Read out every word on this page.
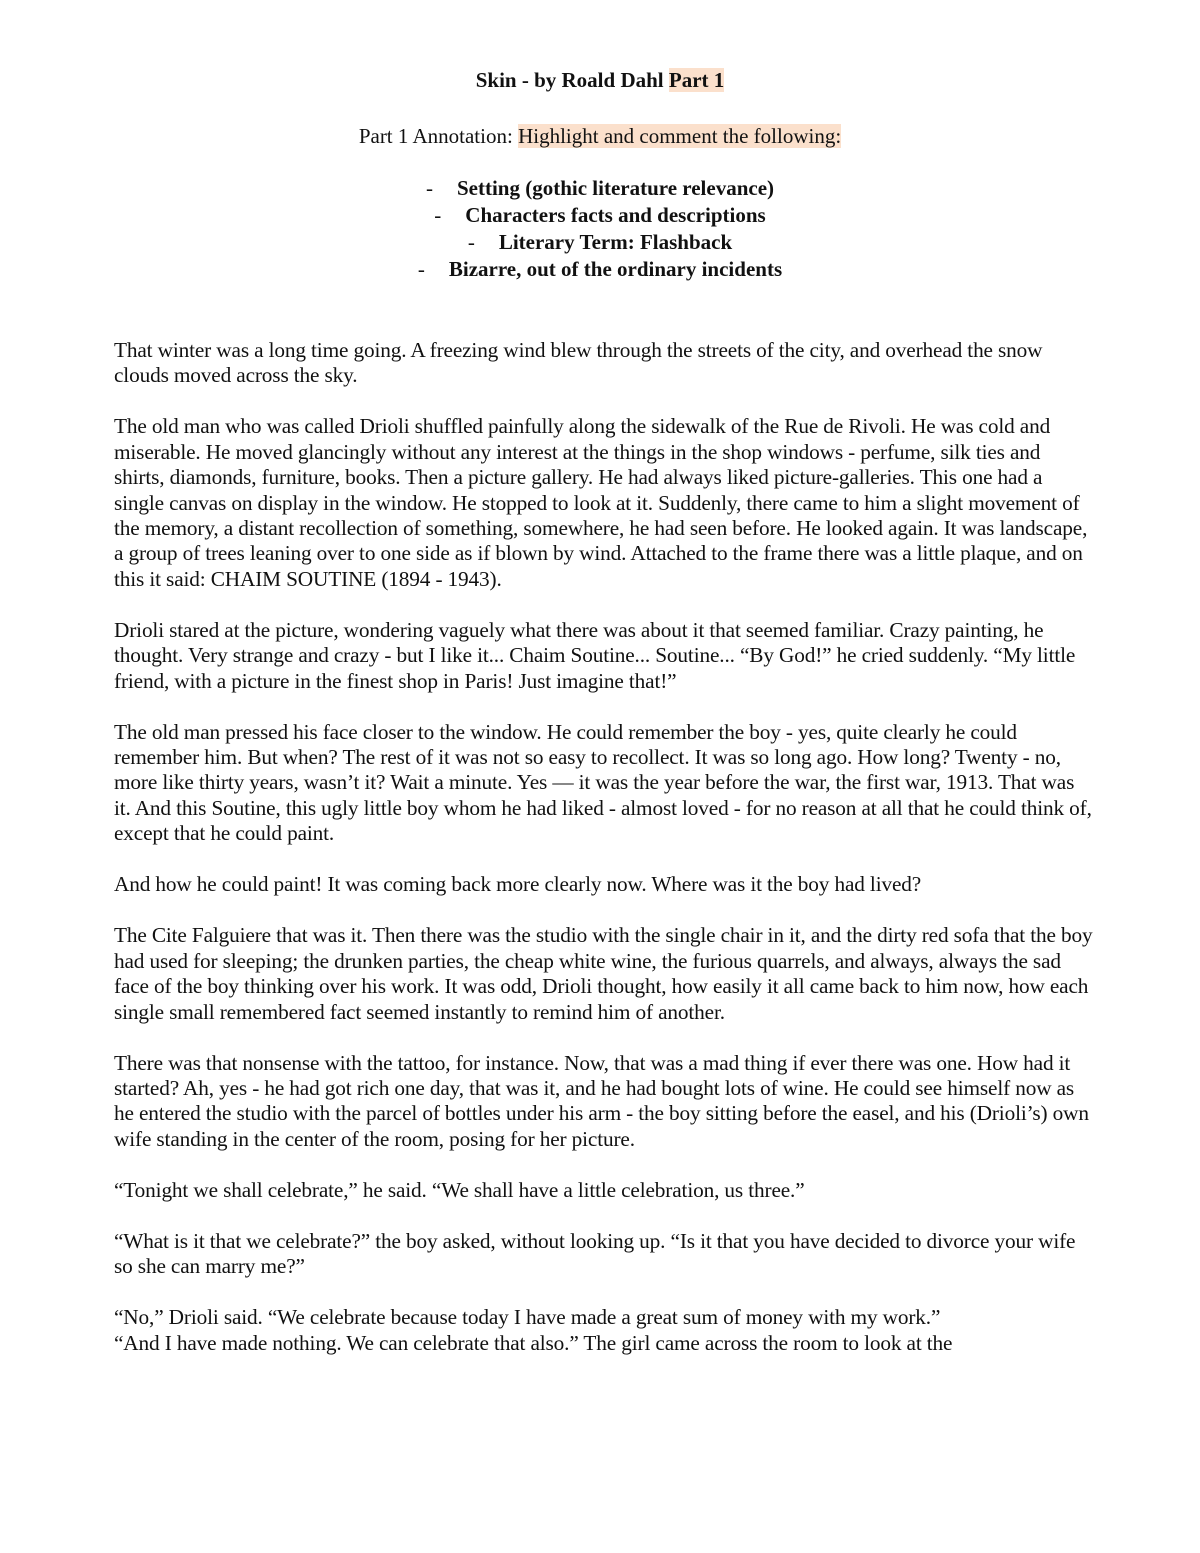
Skin - by Roald Dahl Part 1
Part 1 Annotation: Highlight and comment the following:
- Setting (gothic literature relevance)
- Characters facts and descriptions
- Literary Term: Flashback
- Bizarre, out of the ordinary incidents

That winter was a long time going. A freezing wind blew through the streets of the city, and overhead the snow clouds moved across the sky.

The old man who was called Drioli shuffled painfully along the sidewalk of the Rue de Rivoli. He was cold and miserable. He moved glancingly without any interest at the things in the shop windows - perfume, silk ties and shirts, diamonds, furniture, books. Then a picture gallery. He had always liked picture-galleries. This one had a single canvas on display in the window. He stopped to look at it. Suddenly, there came to him a slight movement of the memory, a distant recollection of something, somewhere, he had seen before. He looked again. It was landscape, a group of trees leaning over to one side as if blown by wind. Attached to the frame there was a little plaque, and on this it said: CHAIM SOUTINE (1894 - 1943).

Drioli stared at the picture, wondering vaguely what there was about it that seemed familiar. Crazy painting, he thought. Very strange and crazy - but I like it... Chaim Soutine... Soutine... “By God!” he cried suddenly. “My little friend, with a picture in the finest shop in Paris! Just imagine that!”

The old man pressed his face closer to the window. He could remember the boy - yes, quite clearly he could remember him. But when? The rest of it was not so easy to recollect. It was so long ago. How long? Twenty - no, more like thirty years, wasn’t it? Wait a minute. Yes — it was the year before the war, the first war, 1913. That was it. And this Soutine, this ugly little boy whom he had liked - almost loved - for no reason at all that he could think of, except that he could paint.

And how he could paint! It was coming back more clearly now. Where was it the boy had lived?

The Cite Falguiere that was it. Then there was the studio with the single chair in it, and the dirty red sofa that the boy had used for sleeping; the drunken parties, the cheap white wine, the furious quarrels, and always, always the sad face of the boy thinking over his work. It was odd, Drioli thought, how easily it all came back to him now, how each single small remembered fact seemed instantly to remind him of another.

There was that nonsense with the tattoo, for instance. Now, that was a mad thing if ever there was one. How had it started? Ah, yes - he had got rich one day, that was it, and he had bought lots of wine. He could see himself now as he entered the studio with the parcel of bottles under his arm - the boy sitting before the easel, and his (Drioli’s) own wife standing in the center of the room, posing for her picture.

“Tonight we shall celebrate,” he said. “We shall have a little celebration, us three.”

“What is it that we celebrate?” the boy asked, without looking up. “Is it that you have decided to divorce your wife so she can marry me?”

“No,” Drioli said. “We celebrate because today I have made a great sum of money with my work.”
“And I have made nothing. We can celebrate that also.” The girl came across the room to look at the
